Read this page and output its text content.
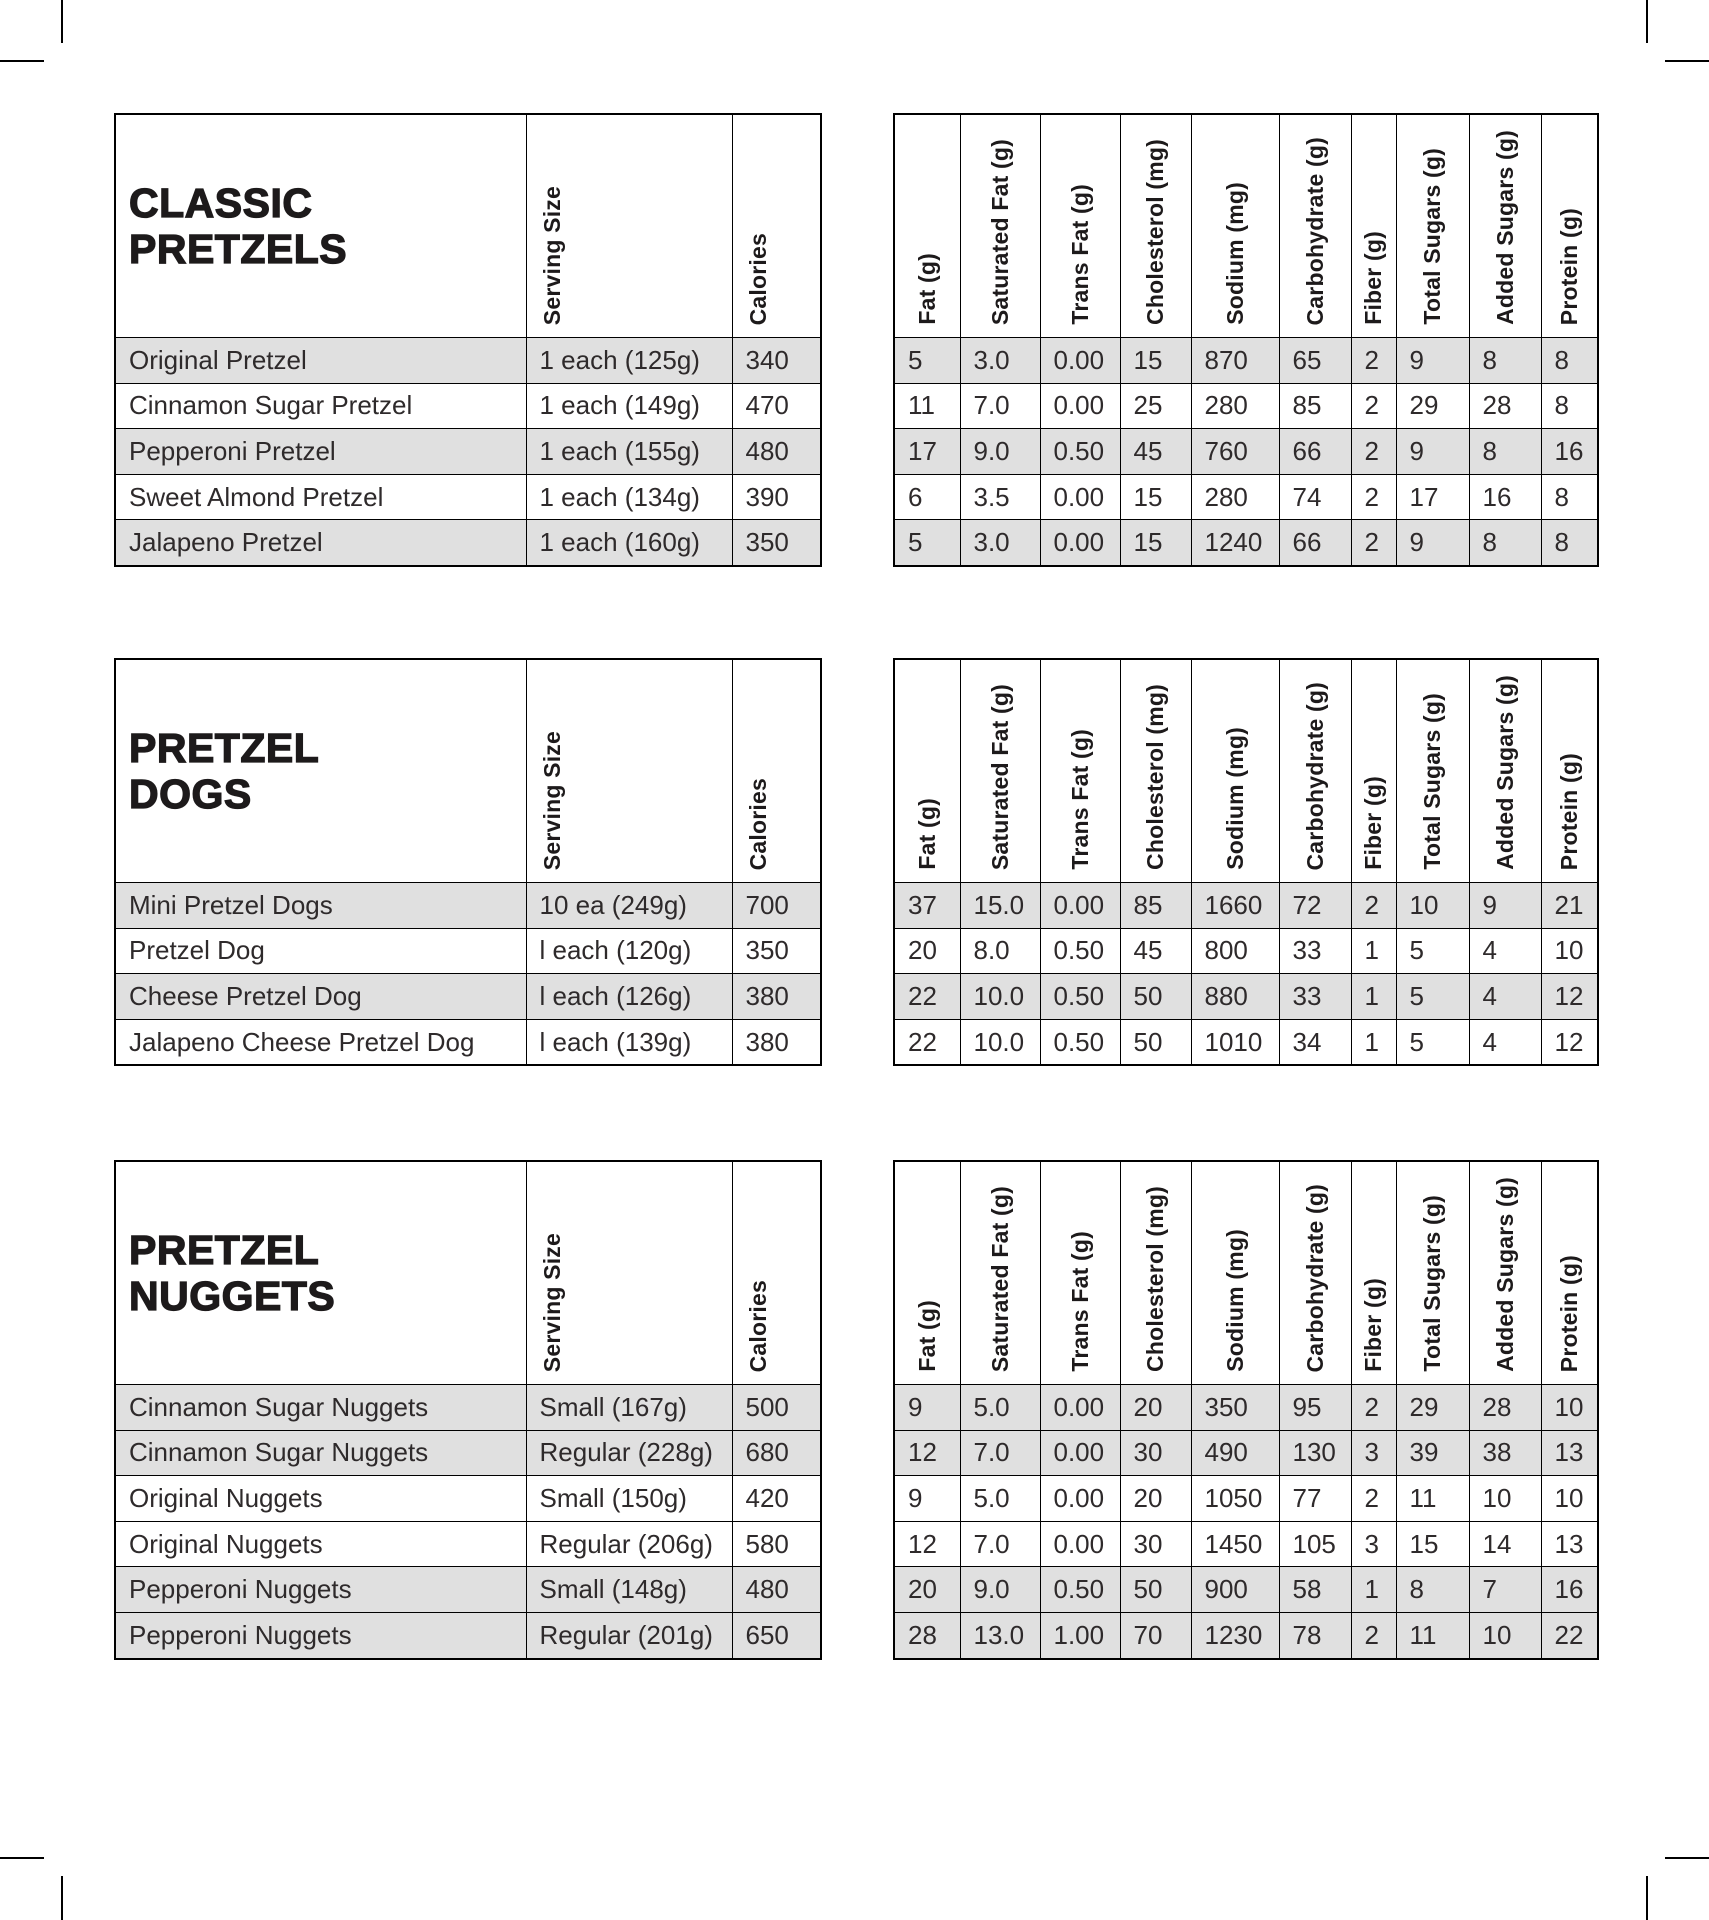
CLASSIC
PRETZELS	Serving Size	Calories

Original Pretzel	1 each (125g)	340

Cinnamon Sugar Pretzel	1 each (149g)	470

Pepperoni Pretzel	1 each (155g)	480

Sweet Almond Pretzel	1 each (134g)	390

Jalapeno Pretzel	1 each (160g)	350
Fat (g)	Saturated Fat (g)	Trans Fat (g)	Cholesterol (mg)	Sodium (mg)	Carbohydrate (g)	Fiber (g)	Total Sugars (g)	Added Sugars (g)	Protein (g)

5	3.0	0.00	15	870	65	2	9	8	8

11	7.0	0.00	25	280	85	2	29	28	8

17	9.0	0.50	45	760	66	2	9	8	16

6	3.5	0.00	15	280	74	2	17	16	8

5	3.0	0.00	15	1240	66	2	9	8	8
PRETZEL
DOGS	Serving Size	Calories

Mini Pretzel Dogs	10 ea (249g)	700

Pretzel Dog	l each (120g)	350

Cheese Pretzel Dog	l each (126g)	380

Jalapeno Cheese Pretzel Dog	l each (139g)	380
Fat (g)	Saturated Fat (g)	Trans Fat (g)	Cholesterol (mg)	Sodium (mg)	Carbohydrate (g)	Fiber (g)	Total Sugars (g)	Added Sugars (g)	Protein (g)

37	15.0	0.00	85	1660	72	2	10	9	21

20	8.0	0.50	45	800	33	1	5	4	10

22	10.0	0.50	50	880	33	1	5	4	12

22	10.0	0.50	50	1010	34	1	5	4	12
PRETZEL
NUGGETS	Serving Size	Calories

Cinnamon Sugar Nuggets	Small (167g)	500

Cinnamon Sugar Nuggets	Regular (228g)	680

Original Nuggets	Small (150g)	420

Original Nuggets	Regular (206g)	580

Pepperoni Nuggets	Small (148g)	480

Pepperoni Nuggets	Regular (201g)	650
Fat (g)	Saturated Fat (g)	Trans Fat (g)	Cholesterol (mg)	Sodium (mg)	Carbohydrate (g)	Fiber (g)	Total Sugars (g)	Added Sugars (g)	Protein (g)

9	5.0	0.00	20	350	95	2	29	28	10

12	7.0	0.00	30	490	130	3	39	38	13

9	5.0	0.00	20	1050	77	2	11	10	10

12	7.0	0.00	30	1450	105	3	15	14	13

20	9.0	0.50	50	900	58	1	8	7	16

28	13.0	1.00	70	1230	78	2	11	10	22
